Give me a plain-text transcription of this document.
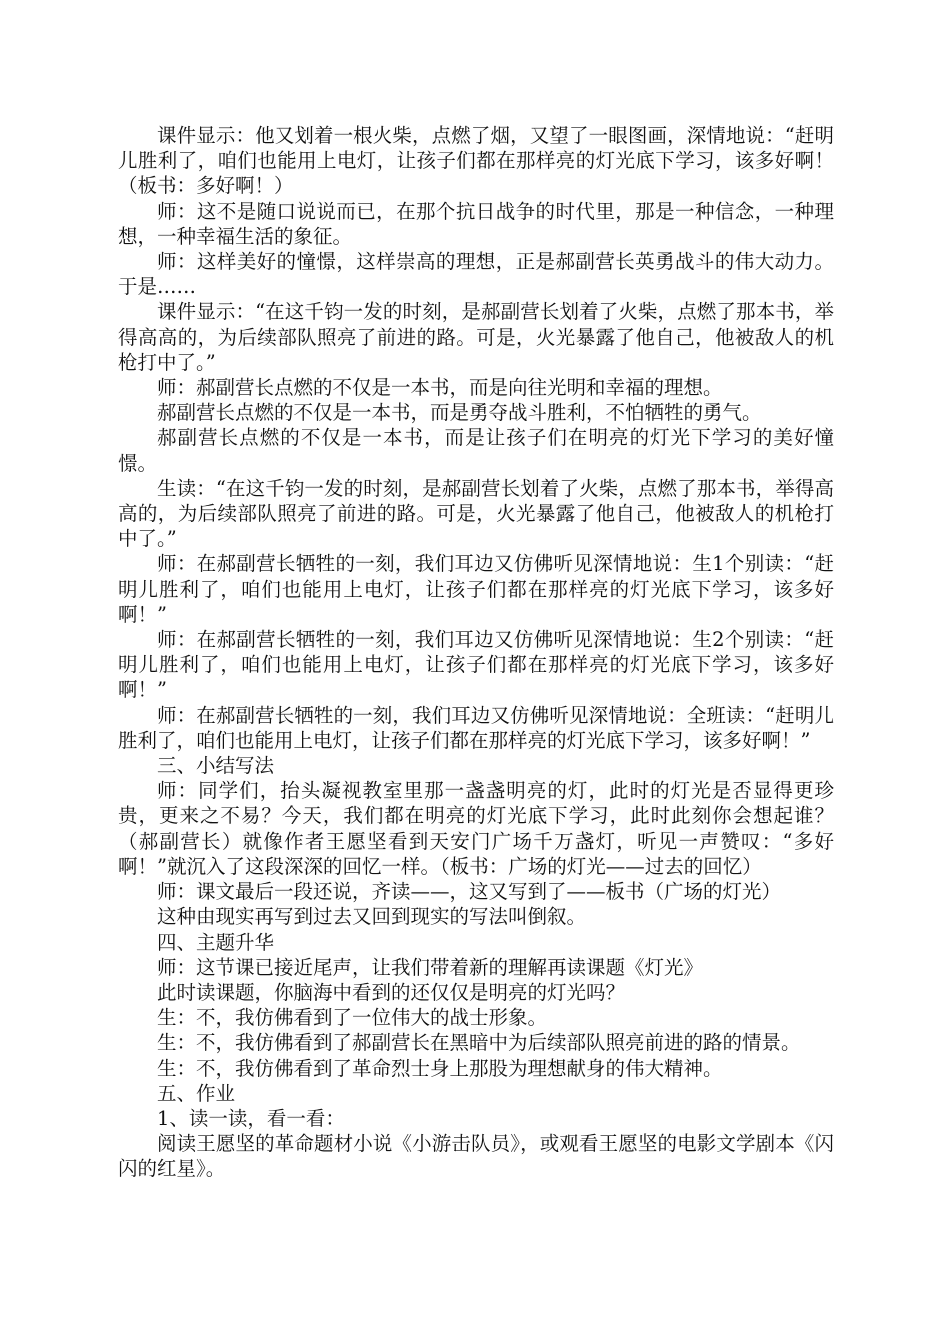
课件显示：他又划着一根火柴，点燃了烟，又望了一眼图画，深情地说：“赶明儿胜利了，咱们也能用上电灯，让孩子们都在那样亮的灯光底下学习，该多好啊！（板书：多好啊！）

师：这不是随口说说而已，在那个抗日战争的时代里，那是一种信念，一种理想，一种幸福生活的象征。

师：这样美好的憧憬，这样崇高的理想，正是郝副营长英勇战斗的伟大动力。于是……

课件显示：“在这千钧一发的时刻，是郝副营长划着了火柴，点燃了那本书，举得高高的，为后续部队照亮了前进的路。可是，火光暴露了他自己，他被敌人的机枪打中了。”

师：郝副营长点燃的不仅是一本书，而是向往光明和幸福的理想。

郝副营长点燃的不仅是一本书，而是勇夺战斗胜利，不怕牺牲的勇气。

郝副营长点燃的不仅是一本书，而是让孩子们在明亮的灯光下学习的美好憧憬。

生读：“在这千钧一发的时刻，是郝副营长划着了火柴，点燃了那本书，举得高高的，为后续部队照亮了前进的路。可是，火光暴露了他自己，他被敌人的机枪打中了。”

师：在郝副营长牺牲的一刻，我们耳边又仿佛听见深情地说：生1个别读：“赶明儿胜利了，咱们也能用上电灯，让孩子们都在那样亮的灯光底下学习，该多好啊！”

师：在郝副营长牺牲的一刻，我们耳边又仿佛听见深情地说：生2个别读：“赶明儿胜利了，咱们也能用上电灯，让孩子们都在那样亮的灯光底下学习，该多好啊！”

师：在郝副营长牺牲的一刻，我们耳边又仿佛听见深情地说：全班读：“赶明儿胜利了，咱们也能用上电灯，让孩子们都在那样亮的灯光底下学习，该多好啊！”

三、小结写法

师：同学们，抬头凝视教室里那一盏盏明亮的灯，此时的灯光是否显得更珍贵，更来之不易？今天，我们都在明亮的灯光底下学习，此时此刻你会想起谁？（郝副营长）就像作者王愿坚看到天安门广场千万盏灯，听见一声赞叹：“多好啊！”就沉入了这段深深的回忆一样。（板书：广场的灯光——过去的回忆）

师：课文最后一段还说，齐读——，这又写到了——板书（广场的灯光）

这种由现实再写到过去又回到现实的写法叫倒叙。

四、主题升华

师：这节课已接近尾声，让我们带着新的理解再读课题《灯光》

此时读课题，你脑海中看到的还仅仅是明亮的灯光吗？

生：不，我仿佛看到了一位伟大的战士形象。

生：不，我仿佛看到了郝副营长在黑暗中为后续部队照亮前进的路的情景。

生：不，我仿佛看到了革命烈士身上那股为理想献身的伟大精神。

五、作业

1、读一读，看一看：

阅读王愿坚的革命题材小说《小游击队员》，或观看王愿坚的电影文学剧本《闪闪的红星》。
